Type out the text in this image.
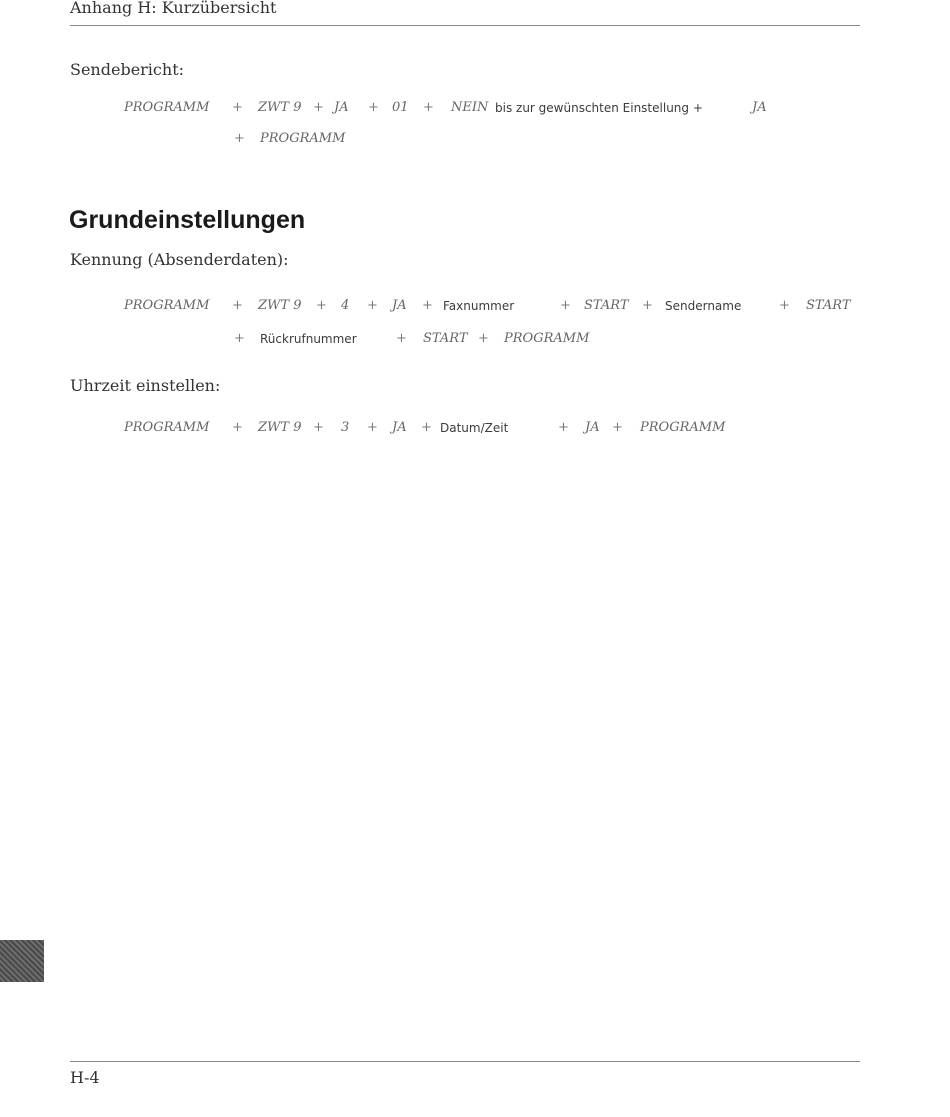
Anhang H: Kurzübersicht
Sendebericht:
PROGRAMM + ZWT 9 + JA + 01 + NEIN bis zur gewünschten Einstellung +	JA
+ PROGRAMM
Grundeinstellungen
Kennung (Absenderdaten):
PROGRAMM + ZWT 9 + 4 + JA + Faxnummer	+ START + Sendername	+ START
+ Rückrufnummer	+ START + PROGRAMM
Uhrzeit einstellen:
PROGRAMM + ZWT 9 + 3 + JA + Datum/Zeit	+ JA + PROGRAMM
H-4
